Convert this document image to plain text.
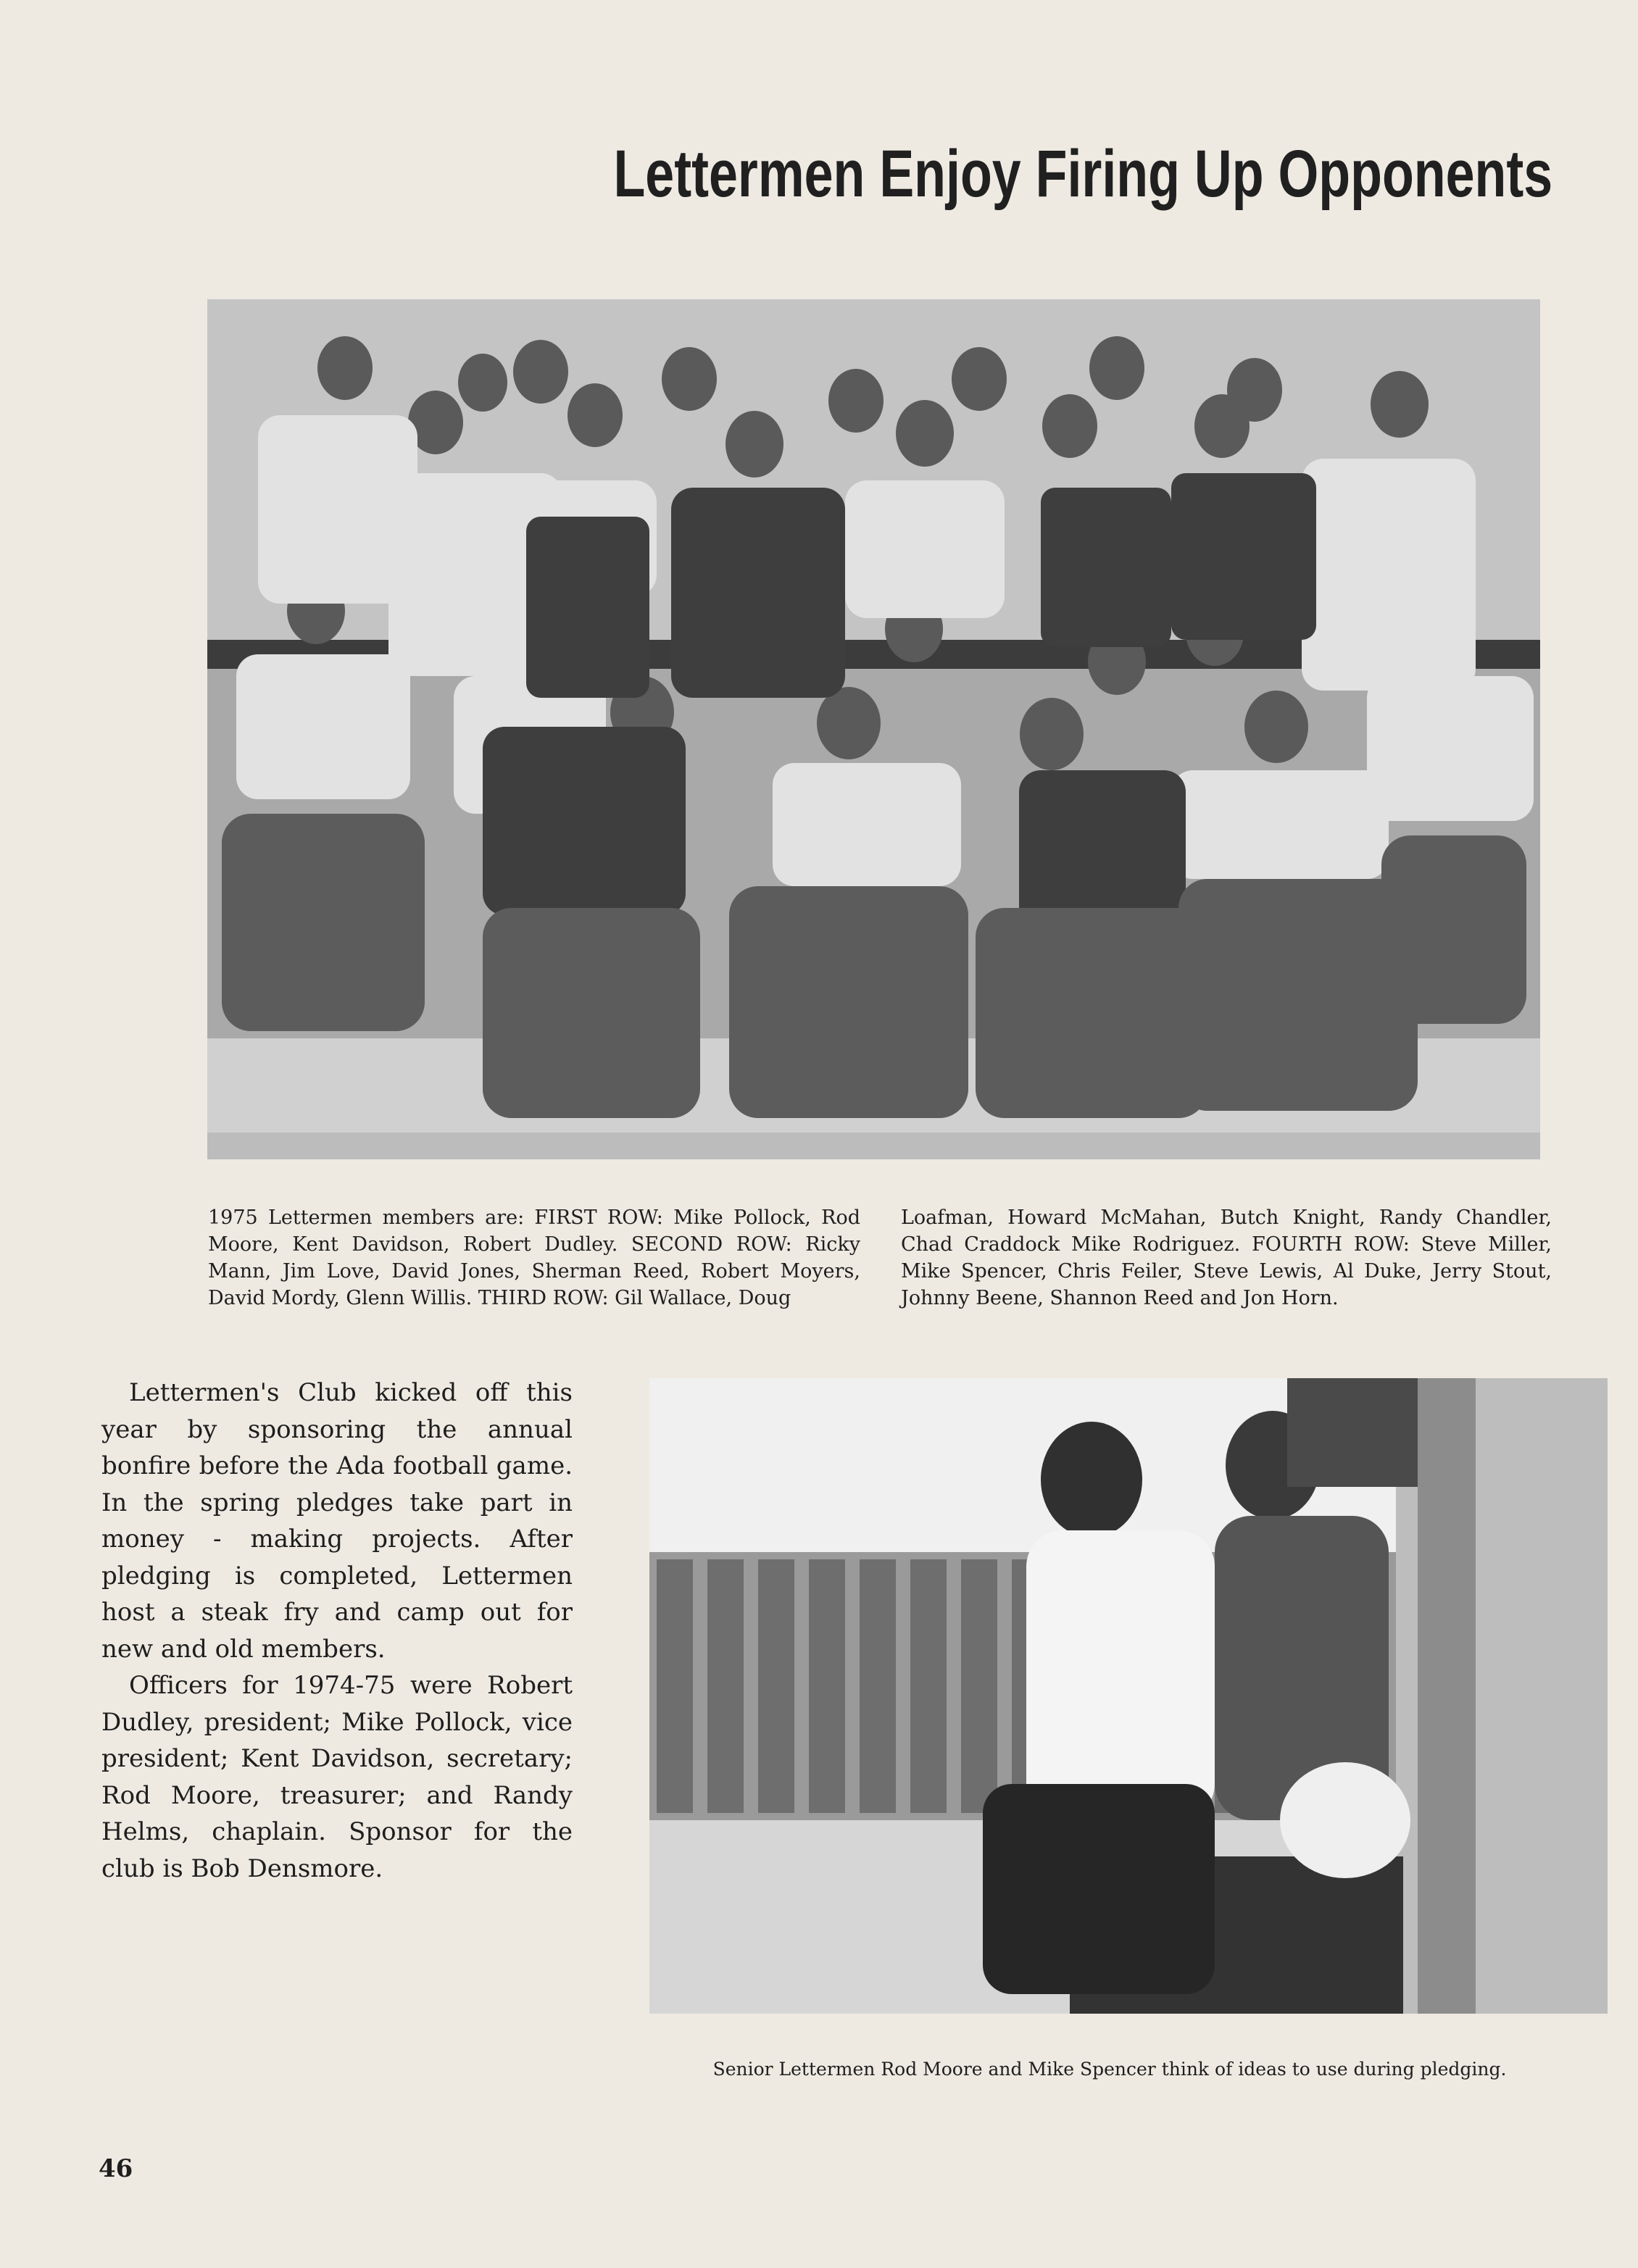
Lettermen Enjoy Firing Up Opponents

1975 Lettermen members are: FIRST ROW: Mike Pollock, Rod Moore, Kent Davidson, Robert Dudley. SECOND ROW: Ricky Mann, Jim Love, David Jones, Sherman Reed, Robert Moyers, David Mordy, Glenn Willis. THIRD ROW: Gil Wallace, Doug

Loafman, Howard McMahan, Butch Knight, Randy Chandler, Chad Craddock Mike Rodriguez. FOURTH ROW: Steve Miller, Mike Spencer, Chris Feiler, Steve Lewis, Al Duke, Jerry Stout, Johnny Beene, Shannon Reed and Jon Horn.

Lettermen's Club kicked off this year by sponsoring the annual bonfire before the Ada football game. In the spring pledges take part in money - making projects. After pledging is completed, Lettermen host a steak fry and camp out for new and old members.

Officers for 1974-75 were Robert Dudley, president; Mike Pollock, vice president; Kent Davidson, secretary; Rod Moore, treasurer; and Randy Helms, chaplain. Sponsor for the club is Bob Densmore.

Senior Lettermen Rod Moore and Mike Spencer think of ideas to use during pledging.

46
